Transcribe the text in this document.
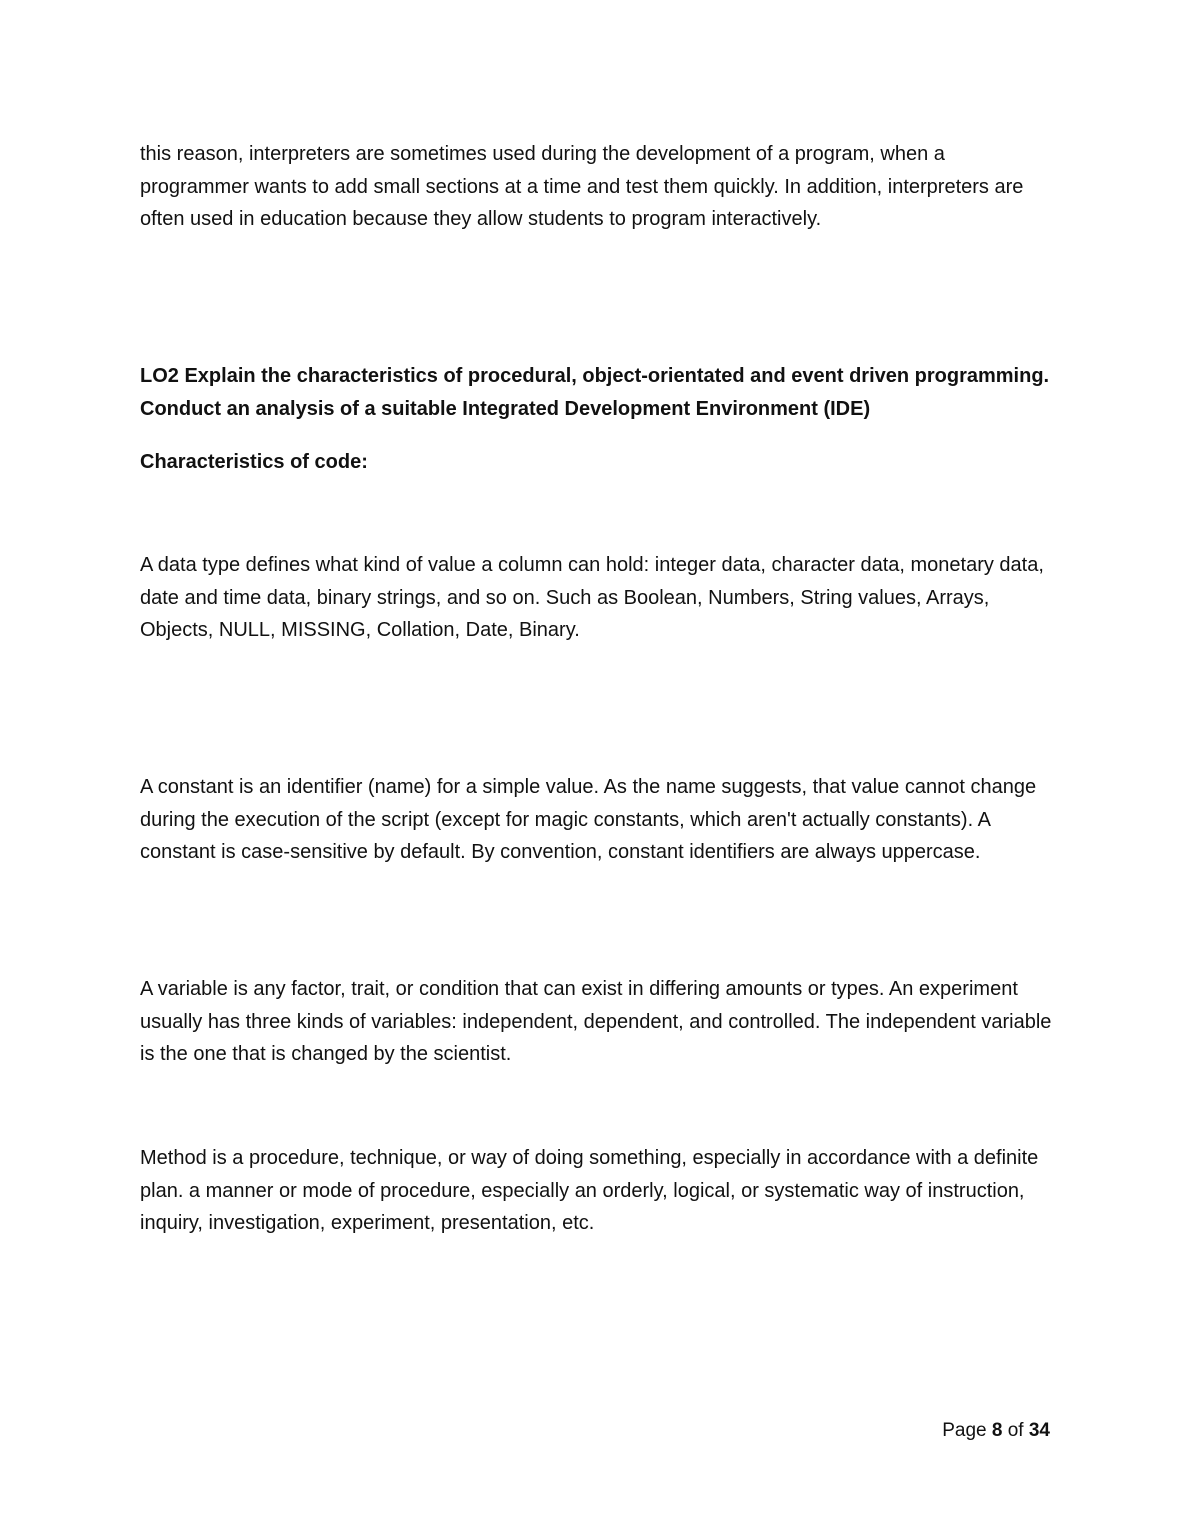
this reason, interpreters are sometimes used during the development of a program, when a programmer wants to add small sections at a time and test them quickly. In addition, interpreters are often used in education because they allow students to program interactively.

LO2 Explain the characteristics of procedural, object-orientated and event driven programming. Conduct an analysis of a suitable Integrated Development Environment (IDE)

Characteristics of code:

A data type defines what kind of value a column can hold: integer data, character data, monetary data, date and time data, binary strings, and so on. Such as Boolean, Numbers, String values, Arrays, Objects, NULL, MISSING, Collation, Date, Binary.

A constant is an identifier (name) for a simple value. As the name suggests, that value cannot change during the execution of the script (except for magic constants, which aren't actually constants). A constant is case-sensitive by default. By convention, constant identifiers are always uppercase.

A variable is any factor, trait, or condition that can exist in differing amounts or types. An experiment usually has three kinds of variables: independent, dependent, and controlled. The independent variable is the one that is changed by the scientist.

Method is a procedure, technique, or way of doing something, especially in accordance with a definite plan. a manner or mode of procedure, especially an orderly, logical, or systematic way of instruction, inquiry, investigation, experiment, presentation, etc.

Page 8 of 34
